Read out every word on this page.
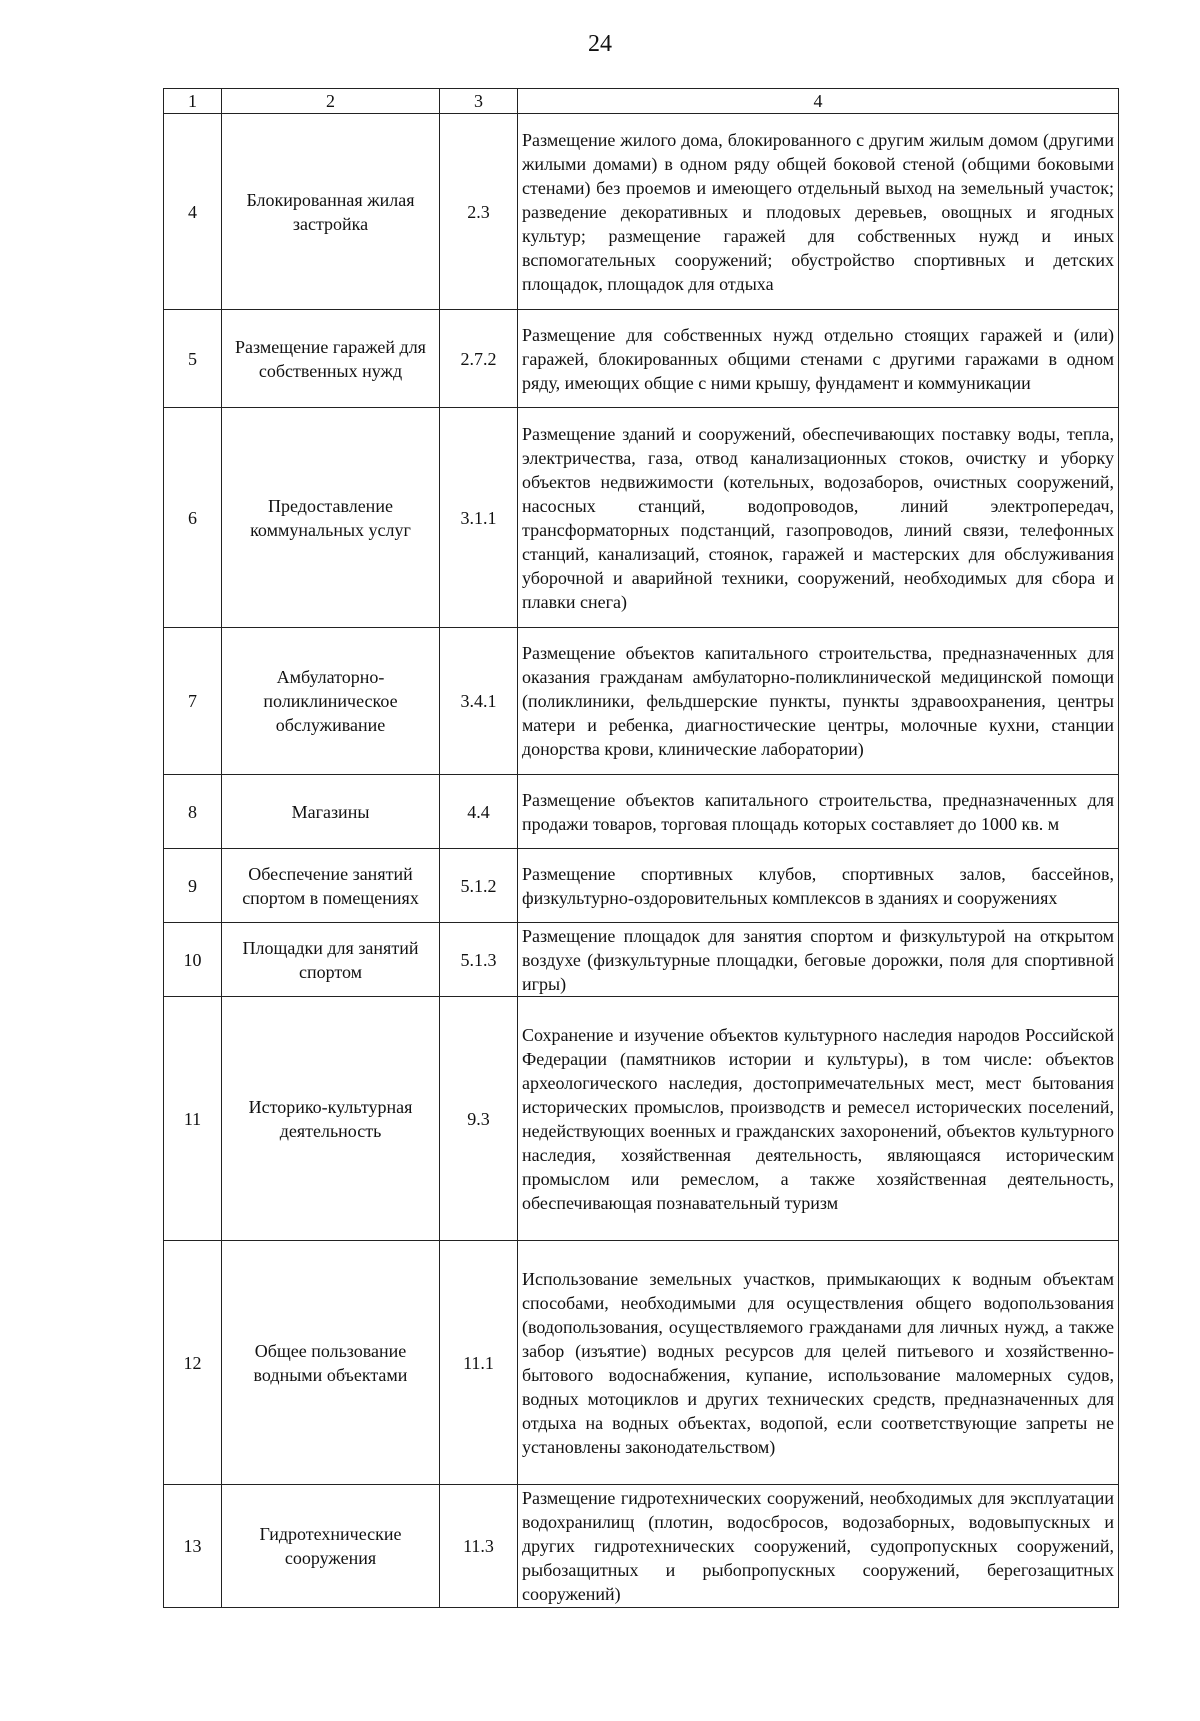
24
1	2	3	4
4	Блокированная жилая застройка	2.3	Размещение жилого дома, блокированного с другим жилым домом (другими жилыми домами) в одном ряду общей боковой стеной (общими боковыми стенами) без проемов и имеющего отдельный выход на земельный участок; разведение декоративных и плодовых деревьев, овощных и ягодных культур; размещение гаражей для собственных нужд и иных вспомогательных сооружений; обустройство спортивных и детских площадок, площадок для отдыха
5	Размещение гаражей для собственных нужд	2.7.2	Размещение для собственных нужд отдельно стоящих гаражей и (или) гаражей, блокированных общими стенами с другими гаражами в одном ряду, имеющих общие с ними крышу, фундамент и коммуникации
6	Предоставление коммунальных услуг	3.1.1	Размещение зданий и сооружений, обеспечивающих поставку воды, тепла, электричества, газа, отвод канализационных стоков, очистку и уборку объектов недвижимости (котельных, водозаборов, очистных сооружений, насосных станций, водопроводов, линий электропередач, трансформаторных подстанций, газопроводов, линий связи, телефонных станций, канализаций, стоянок, гаражей и мастерских для обслуживания уборочной и аварийной техники, сооружений, необходимых для сбора и плавки снега)
7	Амбулаторно-поликлиническое обслуживание	3.4.1	Размещение объектов капитального строительства, предназначенных для оказания гражданам амбулаторно-поликлинической медицинской помощи (поликлиники, фельдшерские пункты, пункты здравоохранения, центры матери и ребенка, диагностические центры, молочные кухни, станции донорства крови, клинические лаборатории)
8	Магазины	4.4	Размещение объектов капитального строительства, предназначенных для продажи товаров, торговая площадь которых составляет до 1000 кв. м
9	Обеспечение занятий спортом в помещениях	5.1.2	Размещение спортивных клубов, спортивных залов, бассейнов, физкультурно-оздоровительных комплексов в зданиях и сооружениях
10	Площадки для занятий спортом	5.1.3	Размещение площадок для занятия спортом и физкультурой на открытом воздухе (физкультурные площадки, беговые дорожки, поля для спортивной игры)
11	Историко-культурная деятельность	9.3	Сохранение и изучение объектов культурного наследия народов Российской Федерации (памятников истории и культуры), в том числе: объектов археологического наследия, достопримечательных мест, мест бытования исторических промыслов, производств и ремесел исторических поселений, недействующих военных и гражданских захоронений, объектов культурного наследия, хозяйственная деятельность, являющаяся историческим промыслом или ремеслом, а также хозяйственная деятельность, обеспечивающая познавательный туризм
12	Общее пользование водными объектами	11.1	Использование земельных участков, примыкающих к водным объектам способами, необходимыми для осуществления общего водопользования (водопользования, осуществляемого гражданами для личных нужд, а также забор (изъятие) водных ресурсов для целей питьевого и хозяйственно-бытового водоснабжения, купание, использование маломерных судов, водных мотоциклов и других технических средств, предназначенных для отдыха на водных объектах, водопой, если соответствующие запреты не установлены законодательством)
13	Гидротехнические сооружения	11.3	Размещение гидротехнических сооружений, необходимых для эксплуатации водохранилищ (плотин, водосбросов, водозаборных, водовыпускных и других гидротехнических сооружений, судопропускных сооружений, рыбозащитных и рыбопропускных сооружений, берегозащитных сооружений)
